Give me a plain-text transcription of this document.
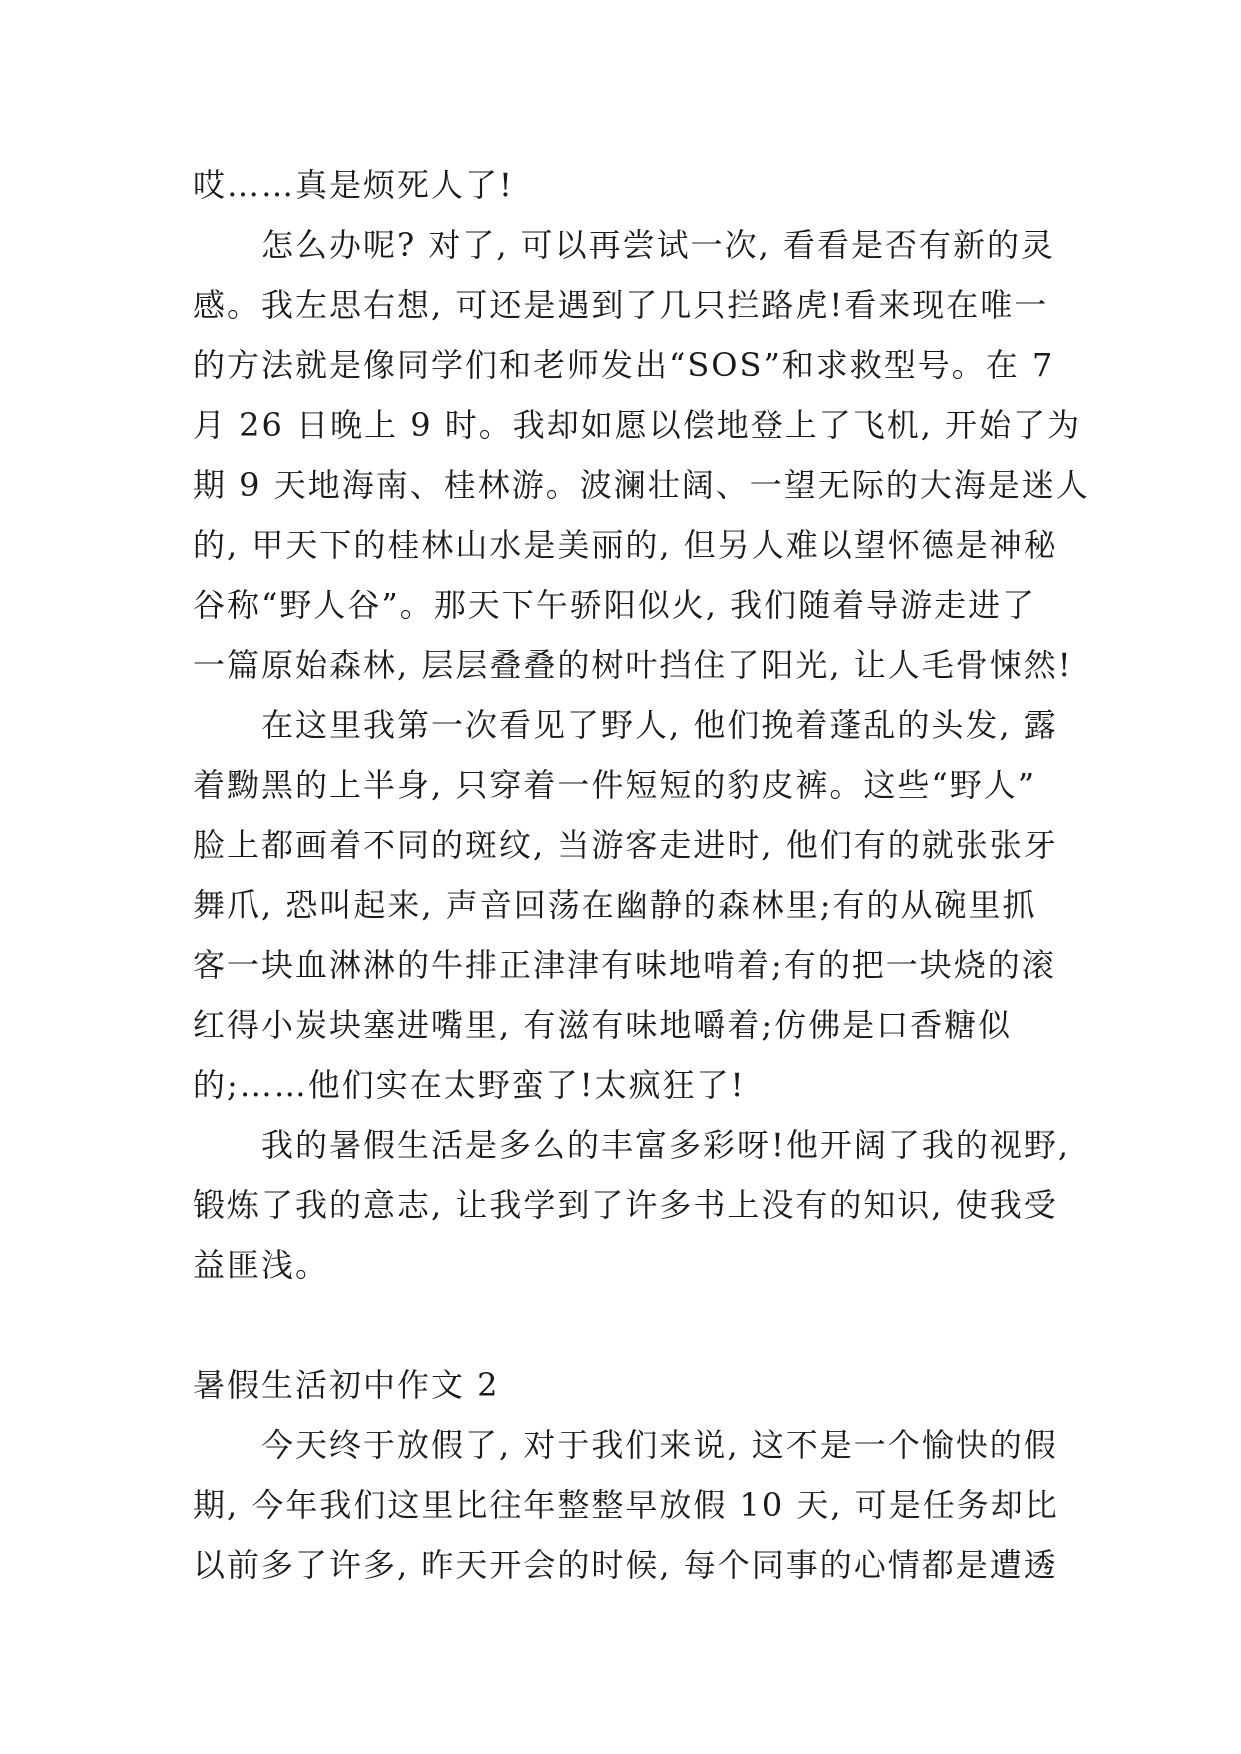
哎……真是烦死人了!
怎么办呢? 对了, 可以再尝试一次, 看看是否有新的灵
感。我左思右想, 可还是遇到了几只拦路虎!看来现在唯一
的方法就是像同学们和老师发出“SOS”和求救型号。在 7
月 26 日晚上 9 时。我却如愿以偿地登上了飞机, 开始了为
期 9 天地海南、桂林游。波澜壮阔、一望无际的大海是迷人
的, 甲天下的桂林山水是美丽的, 但另人难以望怀德是神秘
谷称“野人谷”。那天下午骄阳似火, 我们随着导游走进了
一篇原始森林, 层层叠叠的树叶挡住了阳光, 让人毛骨悚然!
在这里我第一次看见了野人, 他们挽着蓬乱的头发, 露
着黝黑的上半身, 只穿着一件短短的豹皮裤。这些“野人”
脸上都画着不同的斑纹, 当游客走进时, 他们有的就张张牙
舞爪, 恐叫起来, 声音回荡在幽静的森林里;有的从碗里抓
客一块血淋淋的牛排正津津有味地啃着;有的把一块烧的滚
红得小炭块塞进嘴里, 有滋有味地嚼着;仿佛是口香糖似
的;……他们实在太野蛮了!太疯狂了!
我的暑假生活是多么的丰富多彩呀!他开阔了我的视野,
锻炼了我的意志, 让我学到了许多书上没有的知识, 使我受
益匪浅。
暑假生活初中作文 2
今天终于放假了, 对于我们来说, 这不是一个愉快的假
期, 今年我们这里比往年整整早放假 10 天, 可是任务却比
以前多了许多, 昨天开会的时候, 每个同事的心情都是遭透
